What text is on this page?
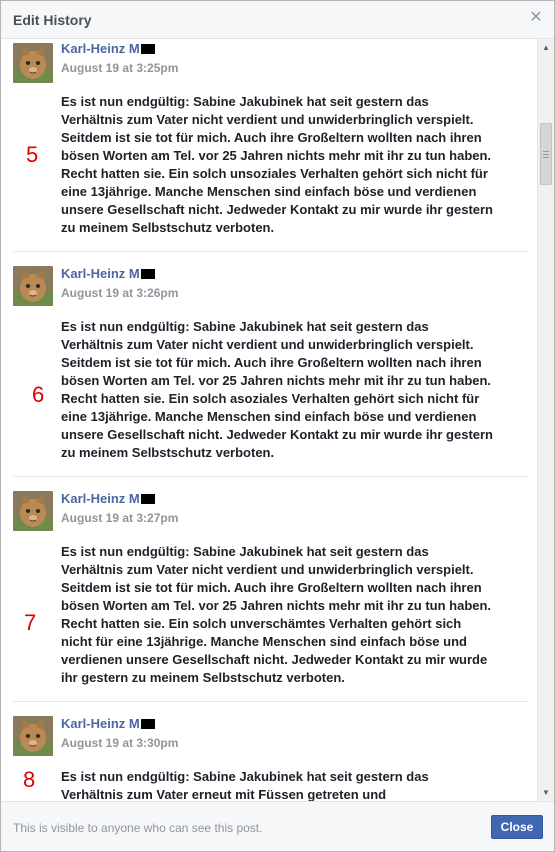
Edit History	✕
Karl-Heinz M
August 19 at 3:25pm
5
Es ist nun endgültig: Sabine Jakubinek hat seit gestern das
Verhältnis zum Vater nicht verdient und unwiderbringlich verspielt.
Seitdem ist sie tot für mich. Auch ihre Großeltern wollten nach ihren
bösen Worten am Tel. vor 25 Jahren nichts mehr mit ihr zu tun haben.
Recht hatten sie. Ein solch unsoziales Verhalten gehört sich nicht für
eine 13jährige. Manche Menschen sind einfach böse und verdienen
unsere Gesellschaft nicht. Jedweder Kontakt zu mir wurde ihr gestern
zu meinem Selbstschutz verboten.
Karl-Heinz M
August 19 at 3:26pm
6
Es ist nun endgültig: Sabine Jakubinek hat seit gestern das
Verhältnis zum Vater nicht verdient und unwiderbringlich verspielt.
Seitdem ist sie tot für mich. Auch ihre Großeltern wollten nach ihren
bösen Worten am Tel. vor 25 Jahren nichts mehr mit ihr zu tun haben.
Recht hatten sie. Ein solch asoziales Verhalten gehört sich nicht für
eine 13jährige. Manche Menschen sind einfach böse und verdienen
unsere Gesellschaft nicht. Jedweder Kontakt zu mir wurde ihr gestern
zu meinem Selbstschutz verboten.
Karl-Heinz M
August 19 at 3:27pm
7
Es ist nun endgültig: Sabine Jakubinek hat seit gestern das
Verhältnis zum Vater nicht verdient und unwiderbringlich verspielt.
Seitdem ist sie tot für mich. Auch ihre Großeltern wollten nach ihren
bösen Worten am Tel. vor 25 Jahren nichts mehr mit ihr zu tun haben.
Recht hatten sie. Ein solch unverschämtes Verhalten gehört sich
nicht für eine 13jährige. Manche Menschen sind einfach böse und
verdienen unsere Gesellschaft nicht. Jedweder Kontakt zu mir wurde
ihr gestern zu meinem Selbstschutz verboten.
Karl-Heinz M
August 19 at 3:30pm
8 Es ist nun endgültig: Sabine Jakubinek hat seit gestern das
Verhältnis zum Vater erneut mit Füssen getreten und
▲
▼
This is visible to anyone who can see this post.	Close
